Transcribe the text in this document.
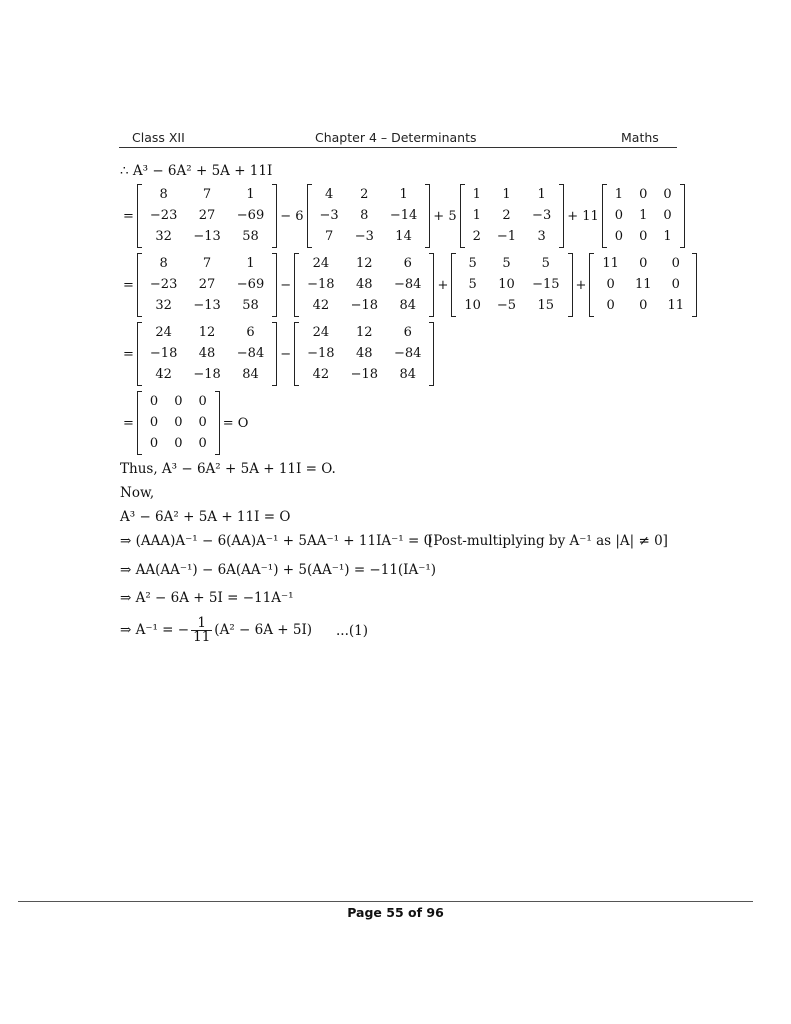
Class XII	Chapter 4 – Determinants	Maths
∴ A³ − 6A² + 5A + 11I
=
8	7	1
−23	27	−69
32	−13	58
− 6
4	2	1
−3	8	−14
7	−3	14
+ 5
1	1	1
1	2	−3
2	−1	3
+ 11
1	0	0
0	1	0
0	0	1
=
8	7	1
−23	27	−69
32	−13	58
−
24	12	6
−18	48	−84
42	−18	84
+
5	5	5
5	10	−15
10	−5	15
+
11	0	0
0	11	0
0	0	11
=
24	12	6
−18	48	−84
42	−18	84
−
24	12	6
−18	48	−84
42	−18	84
=
0	0	0
0	0	0
0	0	0
= O
Thus, A³ − 6A² + 5A + 11I = O.
Now,
A³ − 6A² + 5A + 11I = O
⇒ (AAA)A⁻¹ − 6(AA)A⁻¹ + 5AA⁻¹ + 11IA⁻¹ = 0
[Post-multiplying by A⁻¹ as |A| ≠ 0]
⇒ AA(AA⁻¹) − 6A(AA⁻¹) + 5(AA⁻¹) = −11(IA⁻¹)
⇒ A² − 6A + 5I = −11A⁻¹
⇒ A⁻¹ = − $\frac{1}{11} (A^2 - 6A + 5I)$ ...(1)
Page 55 of 96
